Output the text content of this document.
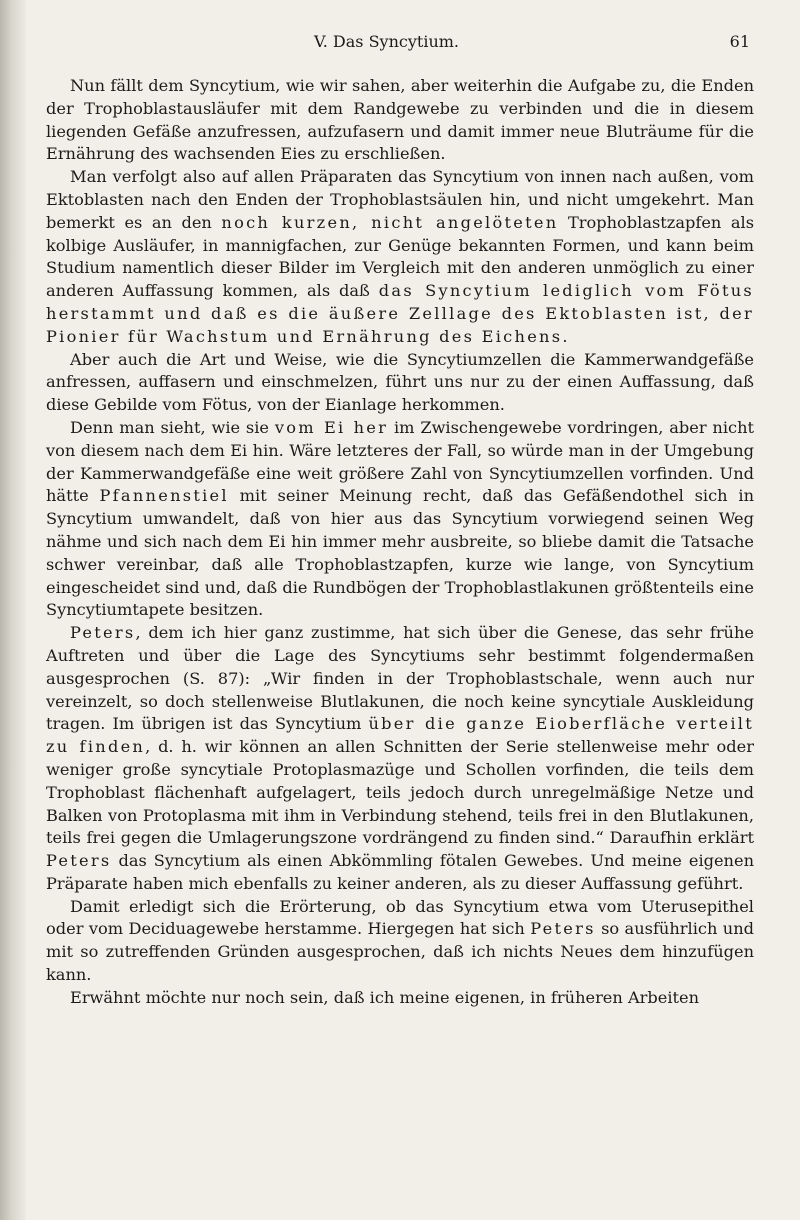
V. Das Syncytium.	61

Nun fällt dem Syncytium, wie wir sahen, aber weiterhin die Aufgabe zu, die Enden der Trophoblastausläufer mit dem Randgewebe zu verbinden und die in diesem liegenden Gefäße anzufressen, aufzufasern und damit immer neue Bluträume für die Ernährung des wachsenden Eies zu erschließen.

Man verfolgt also auf allen Präparaten das Syncytium von innen nach außen, vom Ektoblasten nach den Enden der Trophoblastsäulen hin, und nicht umgekehrt. Man bemerkt es an den noch kurzen, nicht angelöteten Trophoblastzapfen als kolbige Ausläufer, in mannigfachen, zur Genüge bekannten Formen, und kann beim Studium namentlich dieser Bilder im Vergleich mit den anderen unmöglich zu einer anderen Auffassung kommen, als daß das Syncytium lediglich vom Fötus herstammt und daß es die äußere Zelllage des Ektoblasten ist, der Pionier für Wachstum und Ernährung des Eichens.

Aber auch die Art und Weise, wie die Syncytiumzellen die Kammerwandgefäße anfressen, auffasern und einschmelzen, führt uns nur zu der einen Auffassung, daß diese Gebilde vom Fötus, von der Eianlage herkommen.

Denn man sieht, wie sie vom Ei her im Zwischengewebe vordringen, aber nicht von diesem nach dem Ei hin. Wäre letzteres der Fall, so würde man in der Umgebung der Kammerwandgefäße eine weit größere Zahl von Syncytiumzellen vorfinden. Und hätte Pfannenstiel mit seiner Meinung recht, daß das Gefäßendothel sich in Syncytium umwandelt, daß von hier aus das Syncytium vorwiegend seinen Weg nähme und sich nach dem Ei hin immer mehr ausbreite, so bliebe damit die Tatsache schwer vereinbar, daß alle Trophoblastzapfen, kurze wie lange, von Syncytium eingescheidet sind und, daß die Rundbögen der Trophoblastlakunen größtenteils eine Syncytiumtapete besitzen.

Peters, dem ich hier ganz zustimme, hat sich über die Genese, das sehr frühe Auftreten und über die Lage des Syncytiums sehr bestimmt folgendermaßen ausgesprochen (S. 87): „Wir finden in der Trophoblastschale, wenn auch nur vereinzelt, so doch stellenweise Blutlakunen, die noch keine syncytiale Auskleidung tragen. Im übrigen ist das Syncytium über die ganze Eioberfläche verteilt zu finden, d. h. wir können an allen Schnitten der Serie stellenweise mehr oder weniger große syncytiale Protoplasmazüge und Schollen vorfinden, die teils dem Trophoblast flächenhaft aufgelagert, teils jedoch durch unregelmäßige Netze und Balken von Protoplasma mit ihm in Verbindung stehend, teils frei in den Blutlakunen, teils frei gegen die Umlagerungszone vordrängend zu finden sind.“ Daraufhin erklärt Peters das Syncytium als einen Abkömmling fötalen Gewebes. Und meine eigenen Präparate haben mich ebenfalls zu keiner anderen, als zu dieser Auffassung geführt.

Damit erledigt sich die Erörterung, ob das Syncytium etwa vom Uterusepithel oder vom Deciduagewebe herstamme. Hiergegen hat sich Peters so ausführlich und mit so zutreffenden Gründen ausgesprochen, daß ich nichts Neues dem hinzufügen kann.

Erwähnt möchte nur noch sein, daß ich meine eigenen, in früheren Arbeiten
